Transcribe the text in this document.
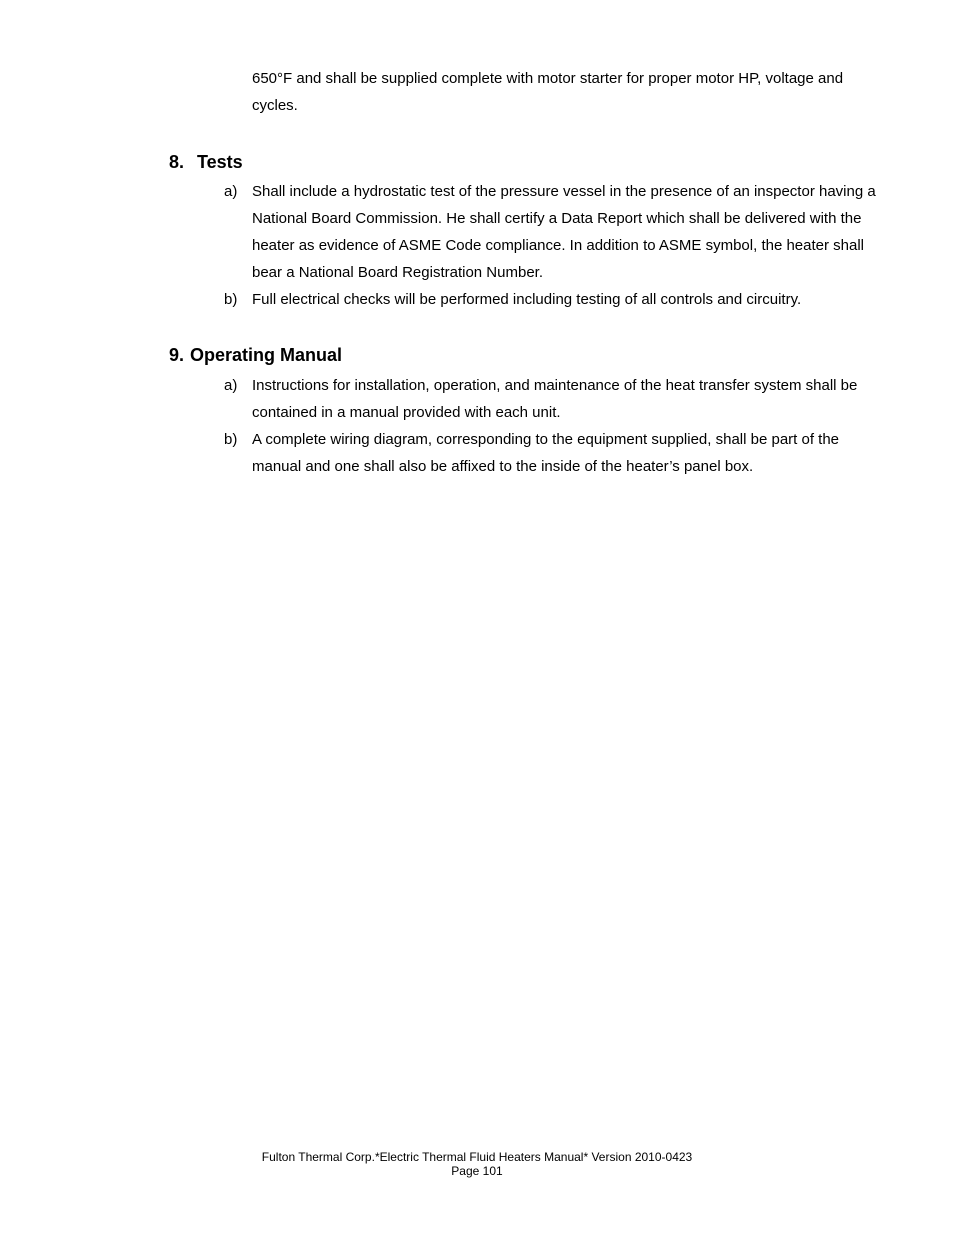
650°F and shall be supplied complete with motor starter for proper motor HP, voltage and cycles.

8. Tests
a) Shall include a hydrostatic test of the pressure vessel in the presence of an inspector having a National Board Commission. He shall certify a Data Report which shall be delivered with the heater as evidence of ASME Code compliance. In addition to ASME symbol, the heater shall bear a National Board Registration Number.
b) Full electrical checks will be performed including testing of all controls and circuitry.
9. Operating Manual
a) Instructions for installation, operation, and maintenance of the heat transfer system shall be contained in a manual provided with each unit.
b) A complete wiring diagram, corresponding to the equipment supplied, shall be part of the manual and one shall also be affixed to the inside of the heater’s panel box.
Fulton Thermal Corp.*Electric Thermal Fluid Heaters Manual* Version 2010-0423
Page 101
